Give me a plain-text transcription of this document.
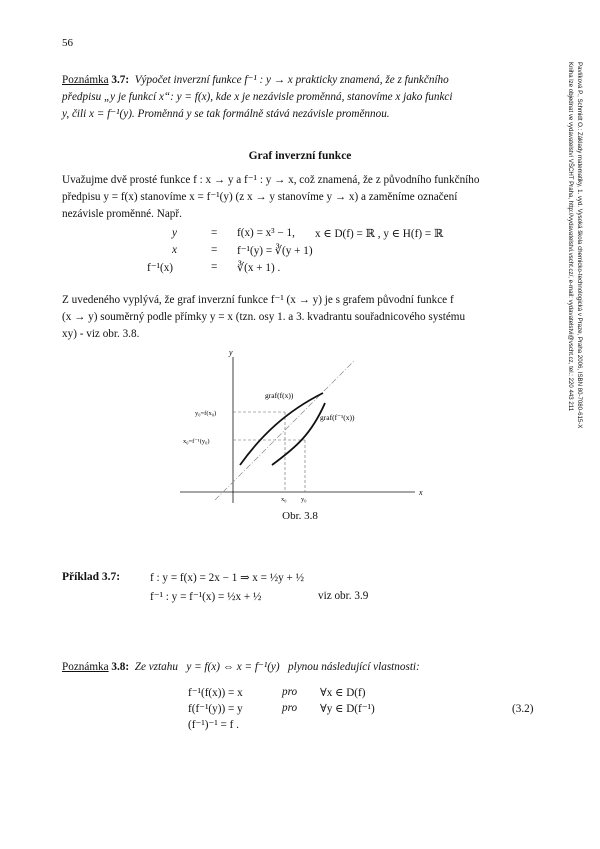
56
Pavlíková P., Schmidt O.: Základy matematiky, 1. vyd. Vysoká škola chemicko-technologická v Praze, Praha 2006, ISBN 80-7080-615-X
Kniha lze objednat ve vydavatelství VŠCHT Praha, http://vydavatelstvi.vscht.cz/, e-mail: vydavatelstvi@vscht.cz, tel.: 220 443 211
Poznámka 3.7: Výpočet inverzní funkce f⁻¹ : y → x prakticky znamená, že z funkčního
předpisu „y je funkcí x“: y = f(x), kde x je nezávisle proměnná, stanovíme x jako funkci
y, čili x = f⁻¹(y). Proměnná y se tak formálně stává nezávisle proměnnou.
Graf inverzní funkce
Uvažujme dvě prosté funkce f : x → y a f⁻¹ : y → x, což znamená, že z původního funkčního
předpisu y = f(x) stanovíme x = f⁻¹(y) (z x → y stanovíme y → x) a zaměníme označení
nezávisle proměnné. Např.
y	= f(x) = x³ − 1, x ∈ D(f) = ℝ , y ∈ H(f) = ℝ
x	= f⁻¹(y) = ∛(y + 1)
f⁻¹(x)	= ∛(x + 1) .
Z uvedeného vyplývá, že graf inverzní funkce f⁻¹ (x → y) je s grafem původní funkce f
(x → y) souměrný podle přímky y = x (tzn. osy 1. a 3. kvadrantu souřadnicového systému
xy) - viz obr. 3.8.
x
y
graf(f(x))
graf(f⁻¹(x))
y₀=f(x₀)
x₀=f⁻¹(y₀)
x₀ y₀
Obr. 3.8
Příklad 3.7:	f : y = f(x) = 2x − 1 ⇒ x = ½y + ½
f⁻¹ : y = f⁻¹(x) = ½x + ½	viz obr. 3.9
Poznámka 3.8: Ze vztahu y = f(x) ⇔ x = f⁻¹(y) plynou následující vlastnosti:
f⁻¹(f(x)) = x	pro ∀x ∈ D(f)
f(f⁻¹(y)) = y	pro ∀y ∈ D(f⁻¹)
(f⁻¹)⁻¹ = f .
(3.2)
